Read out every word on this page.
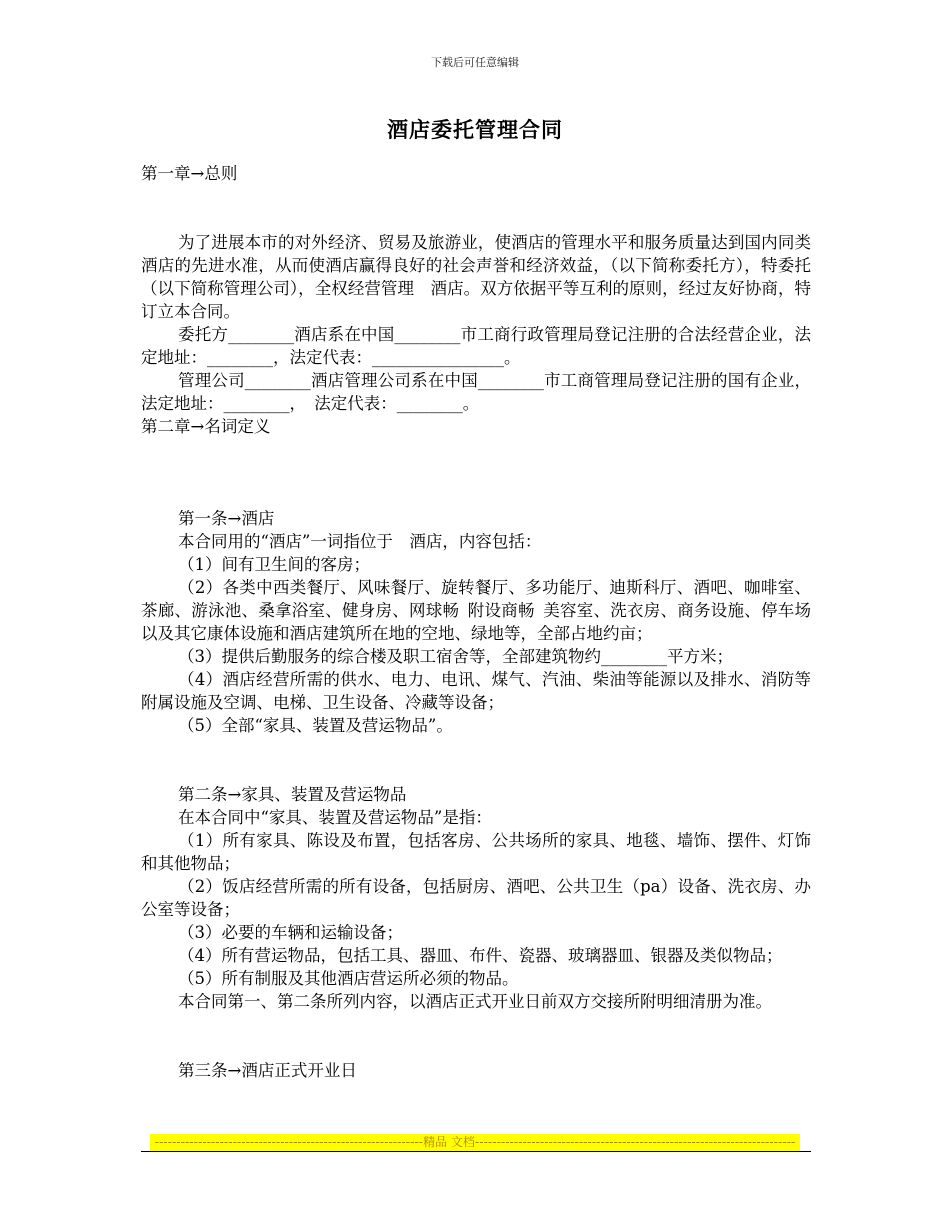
下载后可任意编辑
酒店委托管理合同

第一章→总则

为了进展本市的对外经济、贸易及旅游业，使酒店的管理水平和服务质量达到国内同类酒店的先进水准，从而使酒店赢得良好的社会声誉和经济效益，（以下简称委托方），特委托　（以下简称管理公司），全权经营管理　酒店。双方依据平等互利的原则，经过友好协商，特订立本合同。

委托方________酒店系在中国________市工商行政管理局登记注册的合法经营企业，法定地址：________，法定代表：________________。

管理公司________酒店管理公司系在中国________市工商管理局登记注册的国有企业，法定地址：________，　法定代表：________。

第二章→名词定义

第一条→酒店

本合同用的“酒店”一词指位于　酒店，内容包括：

（1）间有卫生间的客房；

（2）各类中西类餐厅、风味餐厅、旋转餐厅、多功能厅、迪斯科厅、酒吧、咖啡室、茶廊、游泳池、桑拿浴室、健身房、网球畅 附设商畅 美容室、洗衣房、商务设施、停车场以及其它康体设施和酒店建筑所在地的空地、绿地等，全部占地约亩；

（3）提供后勤服务的综合楼及职工宿舍等，全部建筑物约________平方米；

（4）酒店经营所需的供水、电力、电讯、煤气、汽油、柴油等能源以及排水、消防等附属设施及空调、电梯、卫生设备、冷藏等设备；

（5）全部“家具、装置及营运物品”。

第二条→家具、装置及营运物品

在本合同中“家具、装置及营运物品”是指：

（1）所有家具、陈设及布置，包括客房、公共场所的家具、地毯、墙饰、摆件、灯饰和其他物品；

（2）饭店经营所需的所有设备，包括厨房、酒吧、公共卫生（pa）设备、洗衣房、办公室等设备；

（3）必要的车辆和运输设备；

（4）所有营运物品，包括工具、器皿、布件、瓷器、玻璃器皿、银器及类似物品；

（5）所有制服及其他酒店营运所必须的物品。

本合同第一、第二条所列内容，以酒店正式开业日前双方交接所附明细清册为准。

第三条→酒店正式开业日

--------------------------------------------------------------精品 文档--------------------------------------------------------------------------
